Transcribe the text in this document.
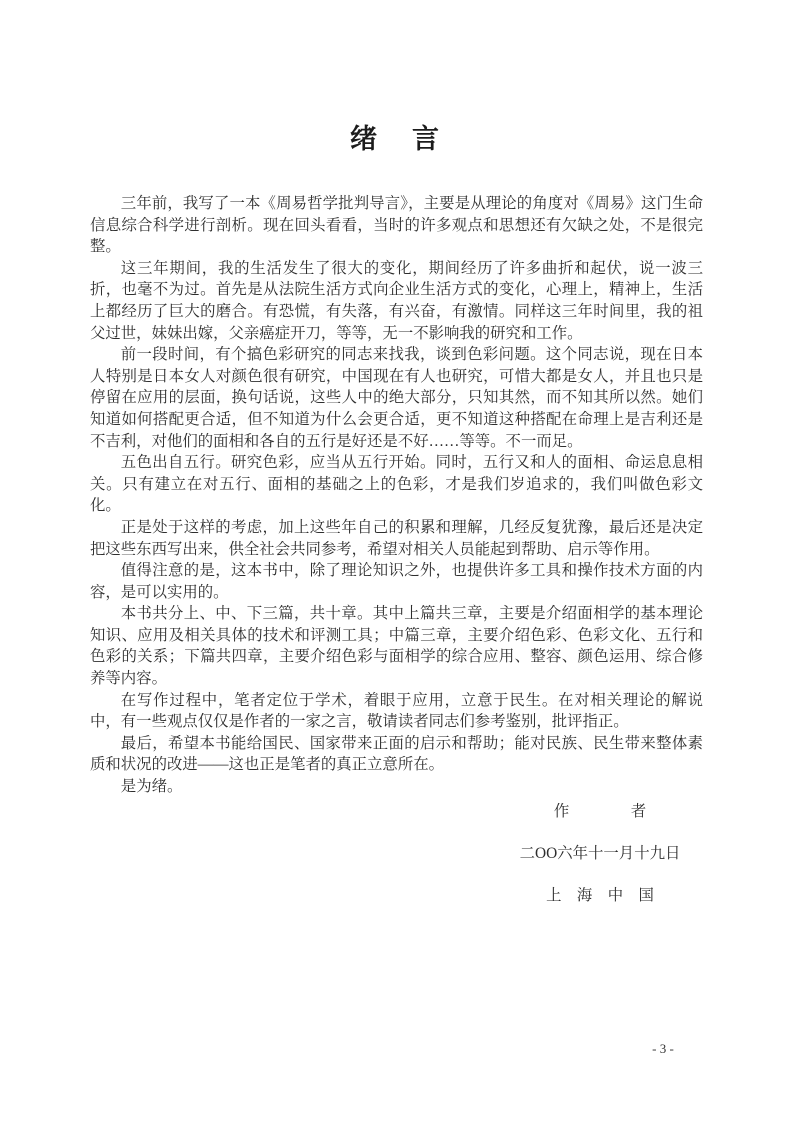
绪　言

三年前，我写了一本《周易哲学批判导言》，主要是从理论的角度对《周易》这门生命信息综合科学进行剖析。现在回头看看，当时的许多观点和思想还有欠缺之处，不是很完整。

这三年期间，我的生活发生了很大的变化，期间经历了许多曲折和起伏，说一波三折，也毫不为过。首先是从法院生活方式向企业生活方式的变化，心理上，精神上，生活上都经历了巨大的磨合。有恐慌，有失落，有兴奋，有激情。同样这三年时间里，我的祖父过世，妹妹出嫁，父亲癌症开刀，等等，无一不影响我的研究和工作。

前一段时间，有个搞色彩研究的同志来找我，谈到色彩问题。这个同志说，现在日本人特别是日本女人对颜色很有研究，中国现在有人也研究，可惜大都是女人，并且也只是停留在应用的层面，换句话说，这些人中的绝大部分，只知其然，而不知其所以然。她们知道如何搭配更合适，但不知道为什么会更合适，更不知道这种搭配在命理上是吉利还是不吉利，对他们的面相和各自的五行是好还是不好……等等。不一而足。

五色出自五行。研究色彩，应当从五行开始。同时，五行又和人的面相、命运息息相关。只有建立在对五行、面相的基础之上的色彩，才是我们岁追求的，我们叫做色彩文化。

正是处于这样的考虑，加上这些年自己的积累和理解，几经反复犹豫，最后还是决定把这些东西写出来，供全社会共同参考，希望对相关人员能起到帮助、启示等作用。

值得注意的是，这本书中，除了理论知识之外，也提供许多工具和操作技术方面的内容，是可以实用的。

本书共分上、中、下三篇，共十章。其中上篇共三章，主要是介绍面相学的基本理论知识、应用及相关具体的技术和评测工具；中篇三章，主要介绍色彩、色彩文化、五行和色彩的关系；下篇共四章，主要介绍色彩与面相学的综合应用、整容、颜色运用、综合修养等内容。

在写作过程中，笔者定位于学术，着眼于应用，立意于民生。在对相关理论的解说中，有一些观点仅仅是作者的一家之言，敬请读者同志们参考鉴别，批评指正。

最后，希望本书能给国民、国家带来正面的启示和帮助；能对民族、民生带来整体素质和状况的改进——这也正是笔者的真正立意所在。

是为绪。

作　　　　者
二OO六年十一月十九日
上　海　中　国
- 3 -
